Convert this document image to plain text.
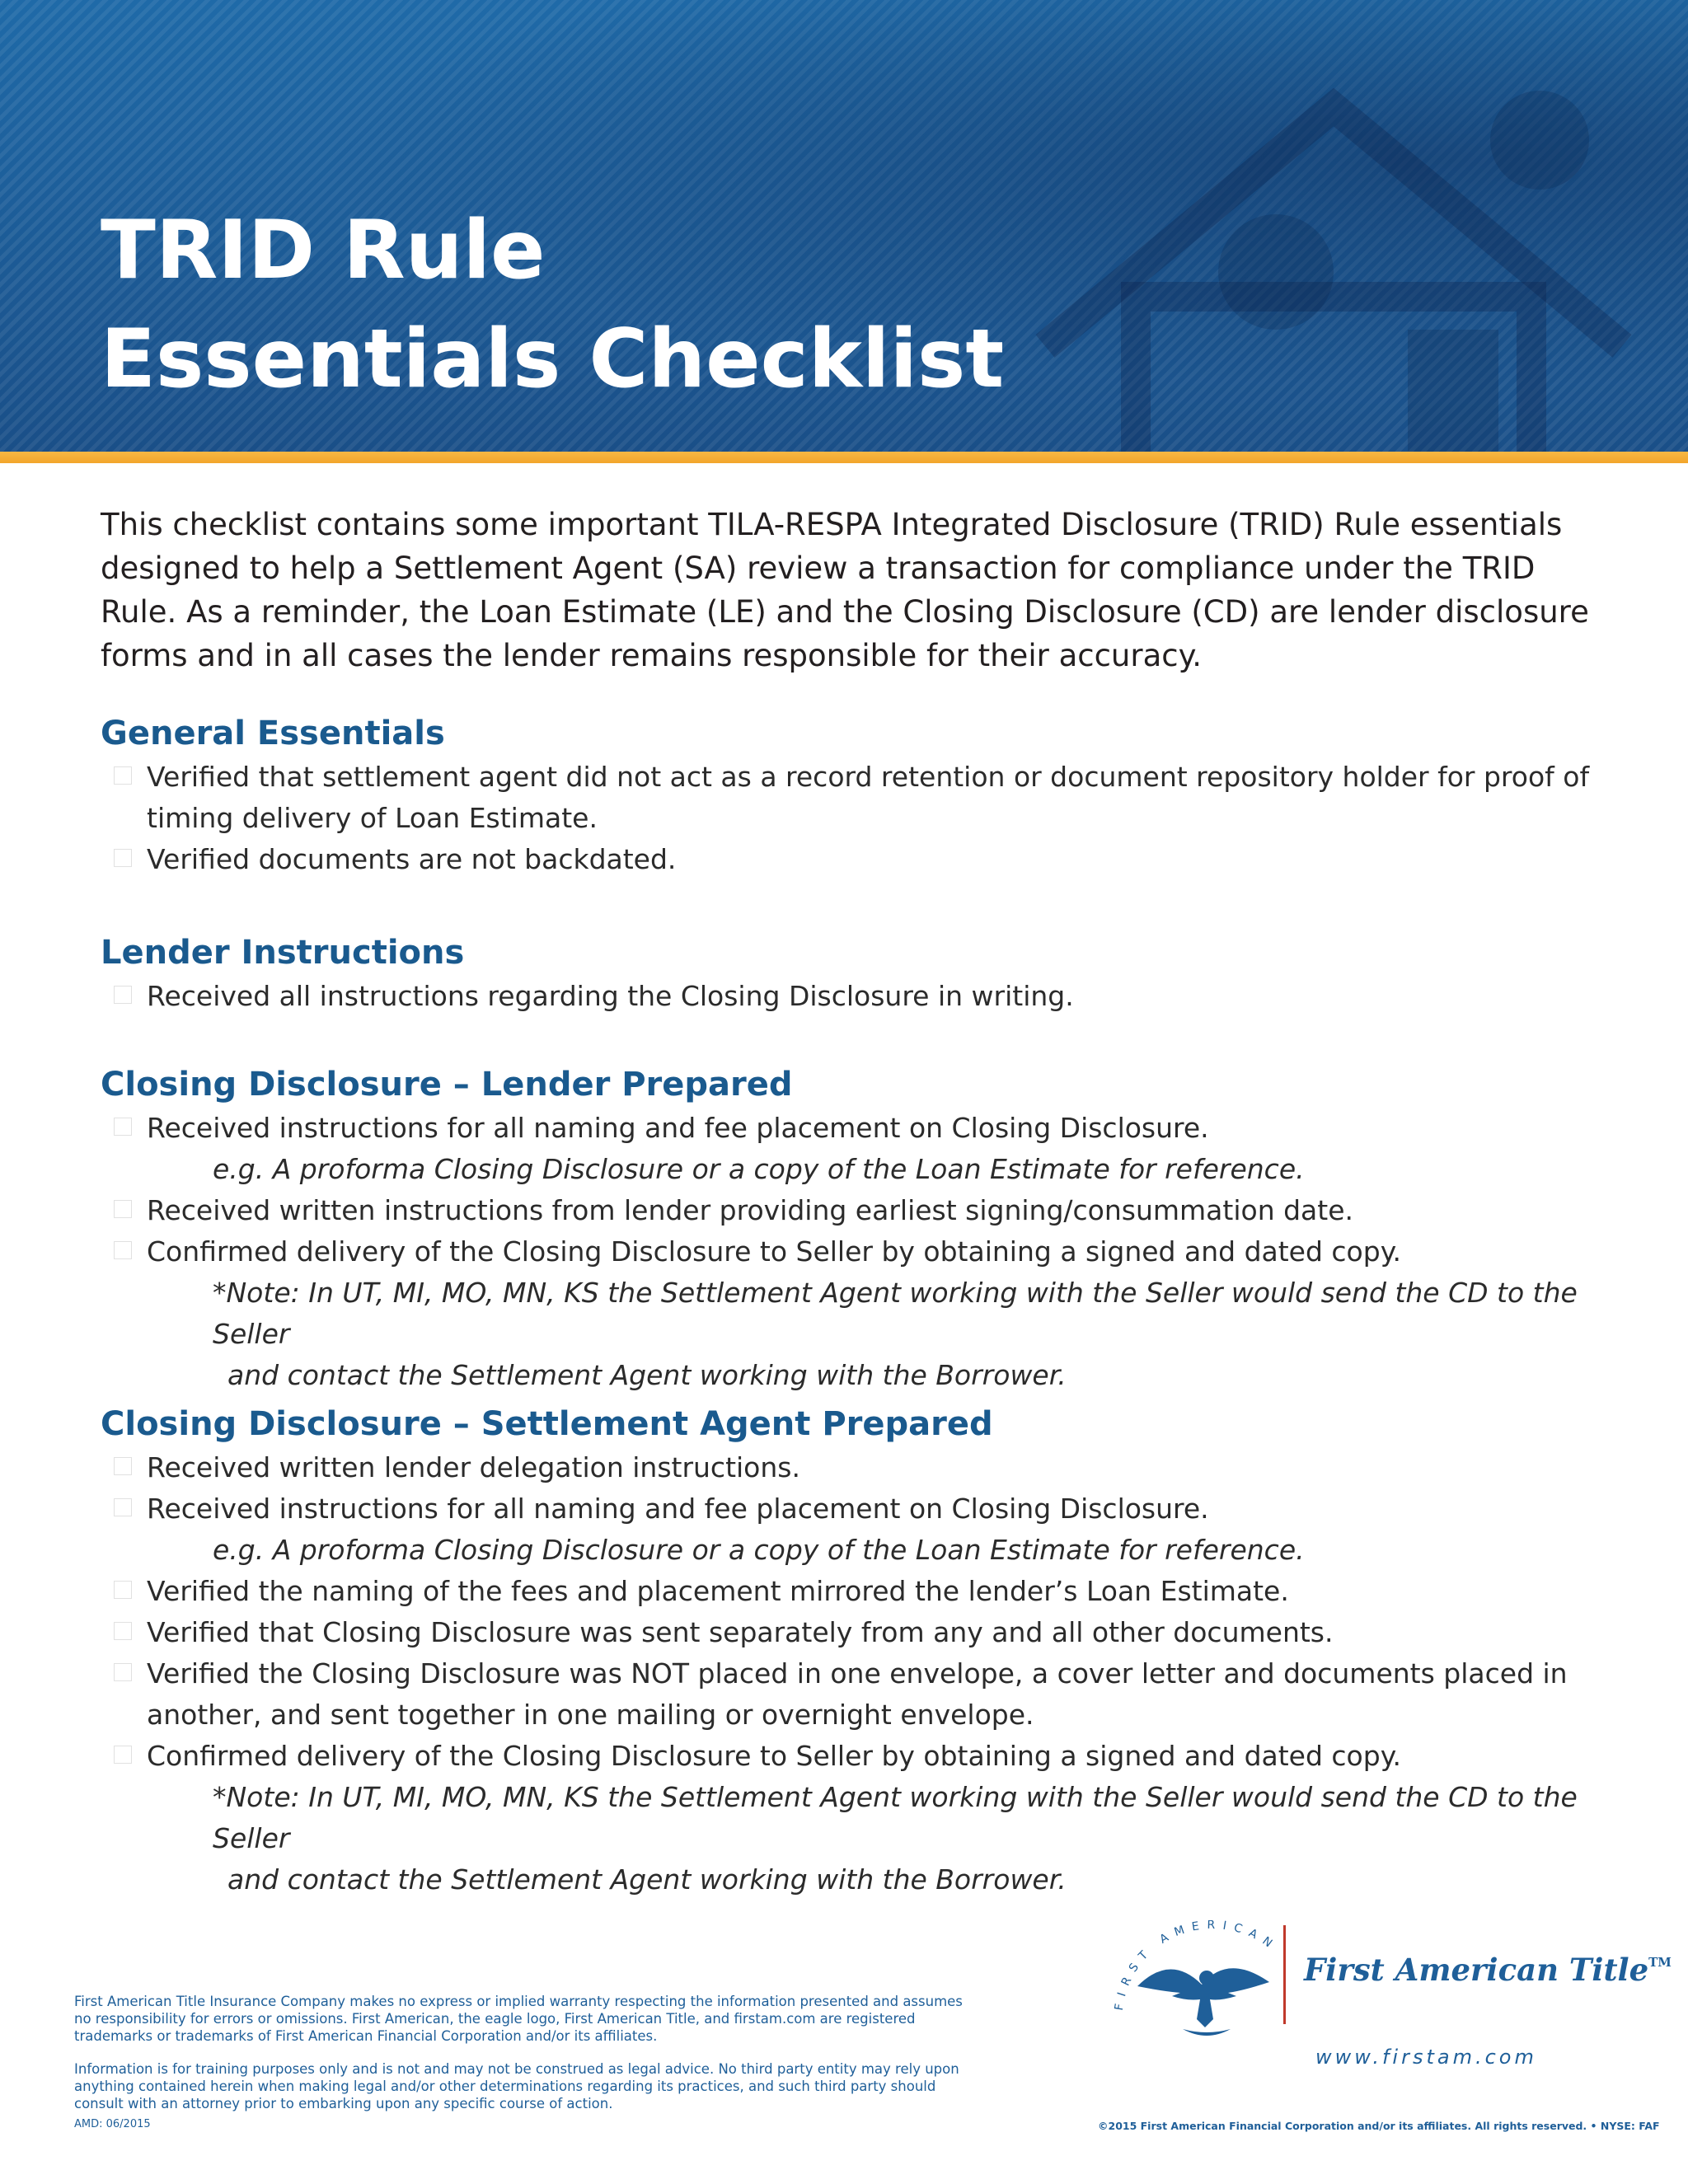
TRID Rule
Essentials Checklist

This checklist contains some important TILA-RESPA Integrated Disclosure (TRID) Rule essentials designed to help a Settlement Agent (SA) review a transaction for compliance under the TRID Rule. As a reminder, the Loan Estimate (LE) and the Closing Disclosure (CD) are lender disclosure forms and in all cases the lender remains responsible for their accuracy.

General Essentials
Verified that settlement agent did not act as a record retention or document repository holder for proof of timing delivery of Loan Estimate.
Verified documents are not backdated.
Lender Instructions
Received all instructions regarding the Closing Disclosure in writing.
Closing Disclosure – Lender Prepared
Received instructions for all naming and fee placement on Closing Disclosure.
e.g. A proforma Closing Disclosure or a copy of the Loan Estimate for reference.
Received written instructions from lender providing earliest signing/consummation date.
Confirmed delivery of the Closing Disclosure to Seller by obtaining a signed and dated copy.
*Note: In UT, MI, MO, MN, KS the Settlement Agent working with the Seller would send the CD to the Seller
and contact the Settlement Agent working with the Borrower.
Closing Disclosure – Settlement Agent Prepared
Received written lender delegation instructions.
Received instructions for all naming and fee placement on Closing Disclosure.
e.g. A proforma Closing Disclosure or a copy of the Loan Estimate for reference.
Verified the naming of the fees and placement mirrored the lender’s Loan Estimate.
Verified that Closing Disclosure was sent separately from any and all other documents.
Verified the Closing Disclosure was NOT placed in one envelope, a cover letter and documents placed in another, and sent together in one mailing or overnight envelope.
Confirmed delivery of the Closing Disclosure to Seller by obtaining a signed and dated copy.
*Note: In UT, MI, MO, MN, KS the Settlement Agent working with the Seller would send the CD to the Seller
and contact the Settlement Agent working with the Borrower.

First American Title Insurance Company makes no express or implied warranty respecting the information presented and assumes no responsibility for errors or omissions. First American, the eagle logo, First American Title, and firstam.com are registered trademarks or trademarks of First American Financial Corporation and/or its affiliates.

Information is for training purposes only and is not and may not be construed as legal advice. No third party entity may rely upon anything contained herein when making legal and/or other determinations regarding its practices, and such third party should consult with an attorney prior to embarking upon any specific course of action.

AMD: 06/2015

FIRST AMERICAN

First American Title™

www.firstam.com

©2015 First American Financial Corporation and/or its affiliates. All rights reserved. • NYSE: FAF
